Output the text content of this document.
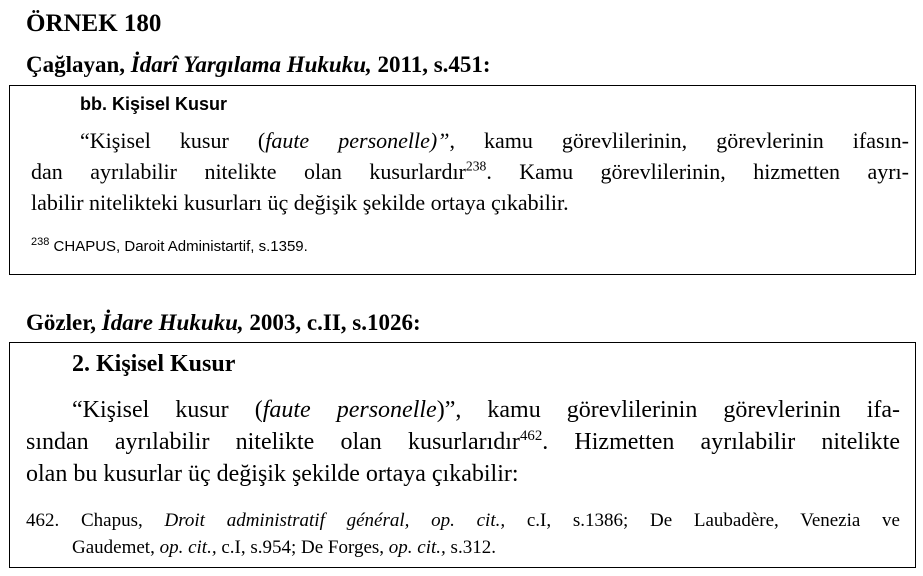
ÖRNEK 180
Çağlayan, İdarî Yargılama Hukuku, 2011, s.451:
bb. Kişisel Kusur
“Kişisel kusur (faute personelle)”, kamu görevlilerinin, görevlerinin ifasın-
dan ayrılabilir nitelikte olan kusurlardır$^{238}$. Kamu görevlilerinin, hizmetten ayrı-
labilir nitelikteki kusurları üç değişik şekilde ortaya çıkabilir.
$^{238}$ CHAPUS, Daroit Administartif, s.1359.
Gözler, İdare Hukuku, 2003, c.II, s.1026:
2. Kişisel Kusur
“Kişisel kusur (faute personelle)”, kamu görevlilerinin görevlerinin ifa-
sından ayrılabilir nitelikte olan kusurlarıdır$^{462}$. Hizmetten ayrılabilir nitelikte
olan bu kusurlar üç değişik şekilde ortaya çıkabilir:
462. Chapus, Droit administratif général, op. cit., c.I, s.1386; De Laubadère, Venezia ve
Gaudemet, op. cit., c.I, s.954; De Forges, op. cit., s.312.
